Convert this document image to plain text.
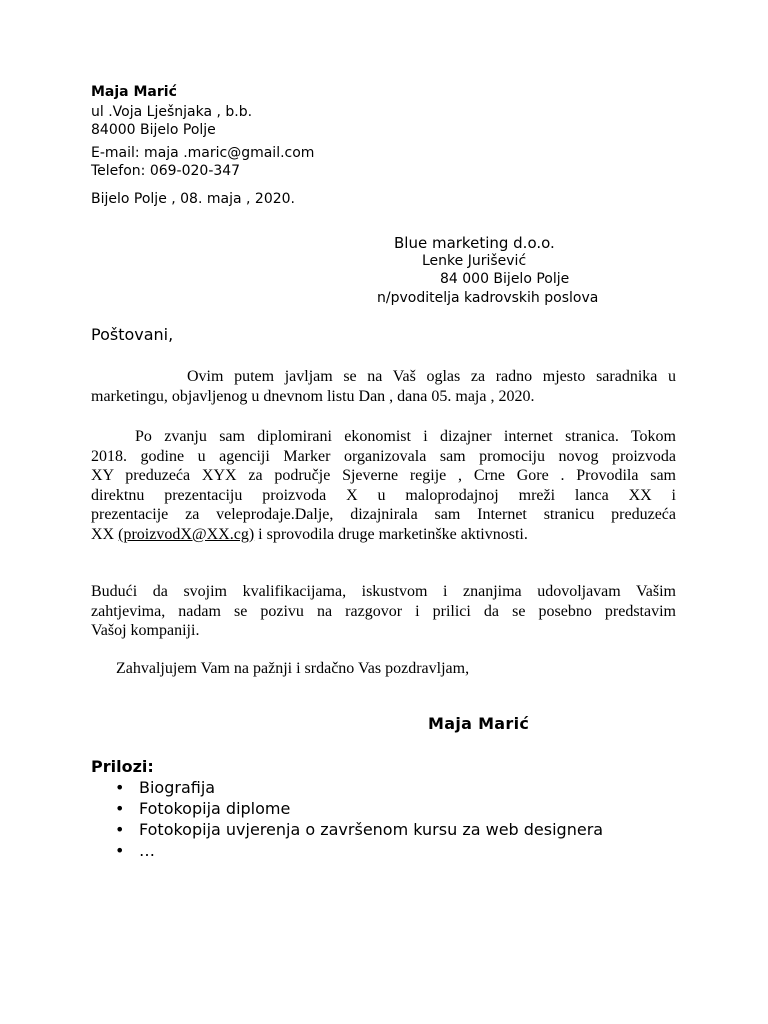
Maja Marić
ul .Voja Lješnjaka , b.b.
84000 Bijelo Polje
E-mail: maja .maric@gmail.com
Telefon: 069-020-347
Bijelo Polje , 08. maja , 2020.
Blue marketing d.o.o.
Lenke Jurišević
84 000 Bijelo Polje
n/pvoditelja kadrovskih poslova
Poštovani,
Ovim putem javljam se na Vaš oglas za radno mjesto saradnika u
marketingu, objavljenog u dnevnom listu Dan , dana 05. maja , 2020.
Po zvanju sam diplomirani ekonomist i dizajner internet stranica. Tokom
2018. godine u agenciji Marker organizovala sam promociju novog proizvoda
XY preduzeća XYX za područje Sjeverne regije , Crne Gore . Provodila sam
direktnu prezentaciju proizvoda X u maloprodajnoj mreži lanca XX i
prezentacije za veleprodaje.Dalje, dizajnirala sam Internet stranicu preduzeća
XX (proizvodX@XX.cg) i sprovodila druge marketinške aktivnosti.
Budući da svojim kvalifikacijama, iskustvom i znanjima udovoljavam Vašim
zahtjevima, nadam se pozivu na razgovor i prilici da se posebno predstavim
Vašoj kompaniji.
Zahvaljujem Vam na pažnji i srdačno Vas pozdravljam,
Maja Marić
Prilozi:
• Biografija
• Fotokopija diplome
• Fotokopija uvjerenja o završenom kursu za web designera
• …
